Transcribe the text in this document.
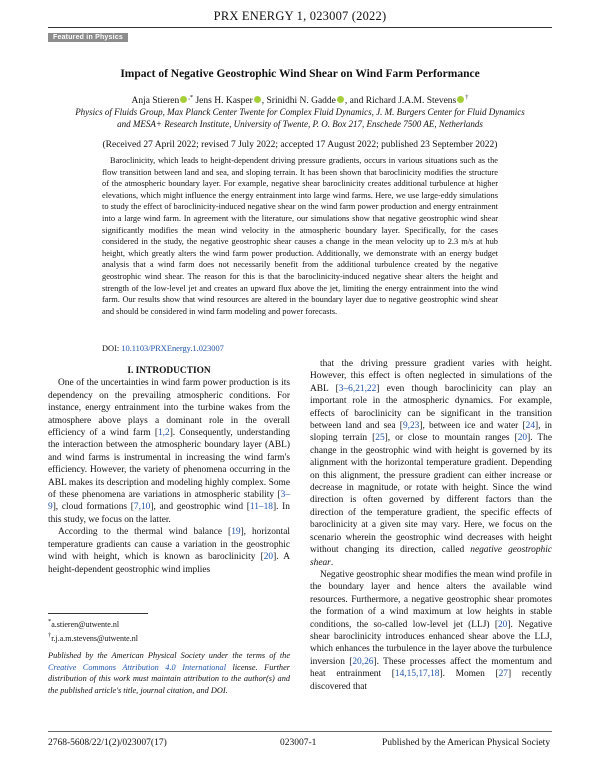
PRX ENERGY 1, 023007 (2022)
Featured in Physics
Impact of Negative Geostrophic Wind Shear on Wind Farm Performance
Anja Stieren ,* Jens H. Kasper , Srinidhi N. Gadde , and Richard J.A.M. Stevens †
Physics of Fluids Group, Max Planck Center Twente for Complex Fluid Dynamics, J. M. Burgers Center for Fluid Dynamics and MESA+ Research Institute, University of Twente, P. O. Box 217, Enschede 7500 AE, Netherlands
(Received 27 April 2022; revised 7 July 2022; accepted 17 August 2022; published 23 September 2022)
Baroclinicity, which leads to height-dependent driving pressure gradients, occurs in various situations such as the flow transition between land and sea, and sloping terrain. It has been shown that baroclinicity modifies the structure of the atmospheric boundary layer. For example, negative shear baroclinicity creates additional turbulence at higher elevations, which might influence the energy entrainment into large wind farms. Here, we use large-eddy simulations to study the effect of baroclinicity-induced negative shear on the wind farm power production and energy entrainment into a large wind farm. In agreement with the literature, our simulations show that negative geostrophic wind shear significantly modifies the mean wind velocity in the atmospheric boundary layer. Specifically, for the cases considered in the study, the negative geostrophic shear causes a change in the mean velocity up to 2.3 m/s at hub height, which greatly alters the wind farm power production. Additionally, we demonstrate with an energy budget analysis that a wind farm does not necessarily benefit from the additional turbulence created by the negative geostrophic wind shear. The reason for this is that the baroclinicity-induced negative shear alters the height and strength of the low-level jet and creates an upward flux above the jet, limiting the energy entrainment into the wind farm. Our results show that wind resources are altered in the boundary layer due to negative geostrophic wind shear and should be considered in wind farm modeling and power forecasts.
DOI: 10.1103/PRXEnergy.1.023007

I. INTRODUCTION

One of the uncertainties in wind farm power production is its dependency on the prevailing atmospheric conditions. For instance, energy entrainment into the turbine wakes from the atmosphere above plays a dominant role in the overall efficiency of a wind farm [1,2]. Consequently, understanding the interaction between the atmospheric boundary layer (ABL) and wind farms is instrumental in increasing the wind farm's efficiency. However, the variety of phenomena occurring in the ABL makes its description and modeling highly complex. Some of these phenomena are variations in atmospheric stability [3–9], cloud formations [7,10], and geostrophic wind [11–18]. In this study, we focus on the latter.

According to the thermal wind balance [19], horizontal temperature gradients can cause a variation in the geostrophic wind with height, which is known as baroclinicity [20]. A height-dependent geostrophic wind implies

*a.stieren@utwente.nl
†r.j.a.m.stevens@utwente.nl
Published by the American Physical Society under the terms of the Creative Commons Attribution 4.0 International license. Further distribution of this work must maintain attribution to the author(s) and the published article's title, journal citation, and DOI.

that the driving pressure gradient varies with height. However, this effect is often neglected in simulations of the ABL [3–6,21,22] even though baroclinicity can play an important role in the atmospheric dynamics. For example, effects of baroclinicity can be significant in the transition between land and sea [9,23], between ice and water [24], in sloping terrain [25], or close to mountain ranges [20]. The change in the geostrophic wind with height is governed by its alignment with the horizontal temperature gradient. Depending on this alignment, the pressure gradient can either increase or decrease in magnitude, or rotate with height. Since the wind direction is often governed by different factors than the direction of the temperature gradient, the specific effects of baroclinicity at a given site may vary. Here, we focus on the scenario wherein the geostrophic wind decreases with height without changing its direction, called negative geostrophic shear.

Negative geostrophic shear modifies the mean wind profile in the boundary layer and hence alters the available wind resources. Furthermore, a negative geostrophic shear promotes the formation of a wind maximum at low heights in stable conditions, the so-called low-level jet (LLJ) [20]. Negative shear baroclinicity introduces enhanced shear above the LLJ, which enhances the turbulence in the layer above the turbulence inversion [20,26]. These processes affect the momentum and heat entrainment [14,15,17,18]. Momen [27] recently discovered that

2768-5608/22/1(2)/023007(17)	023007-1	Published by the American Physical Society
